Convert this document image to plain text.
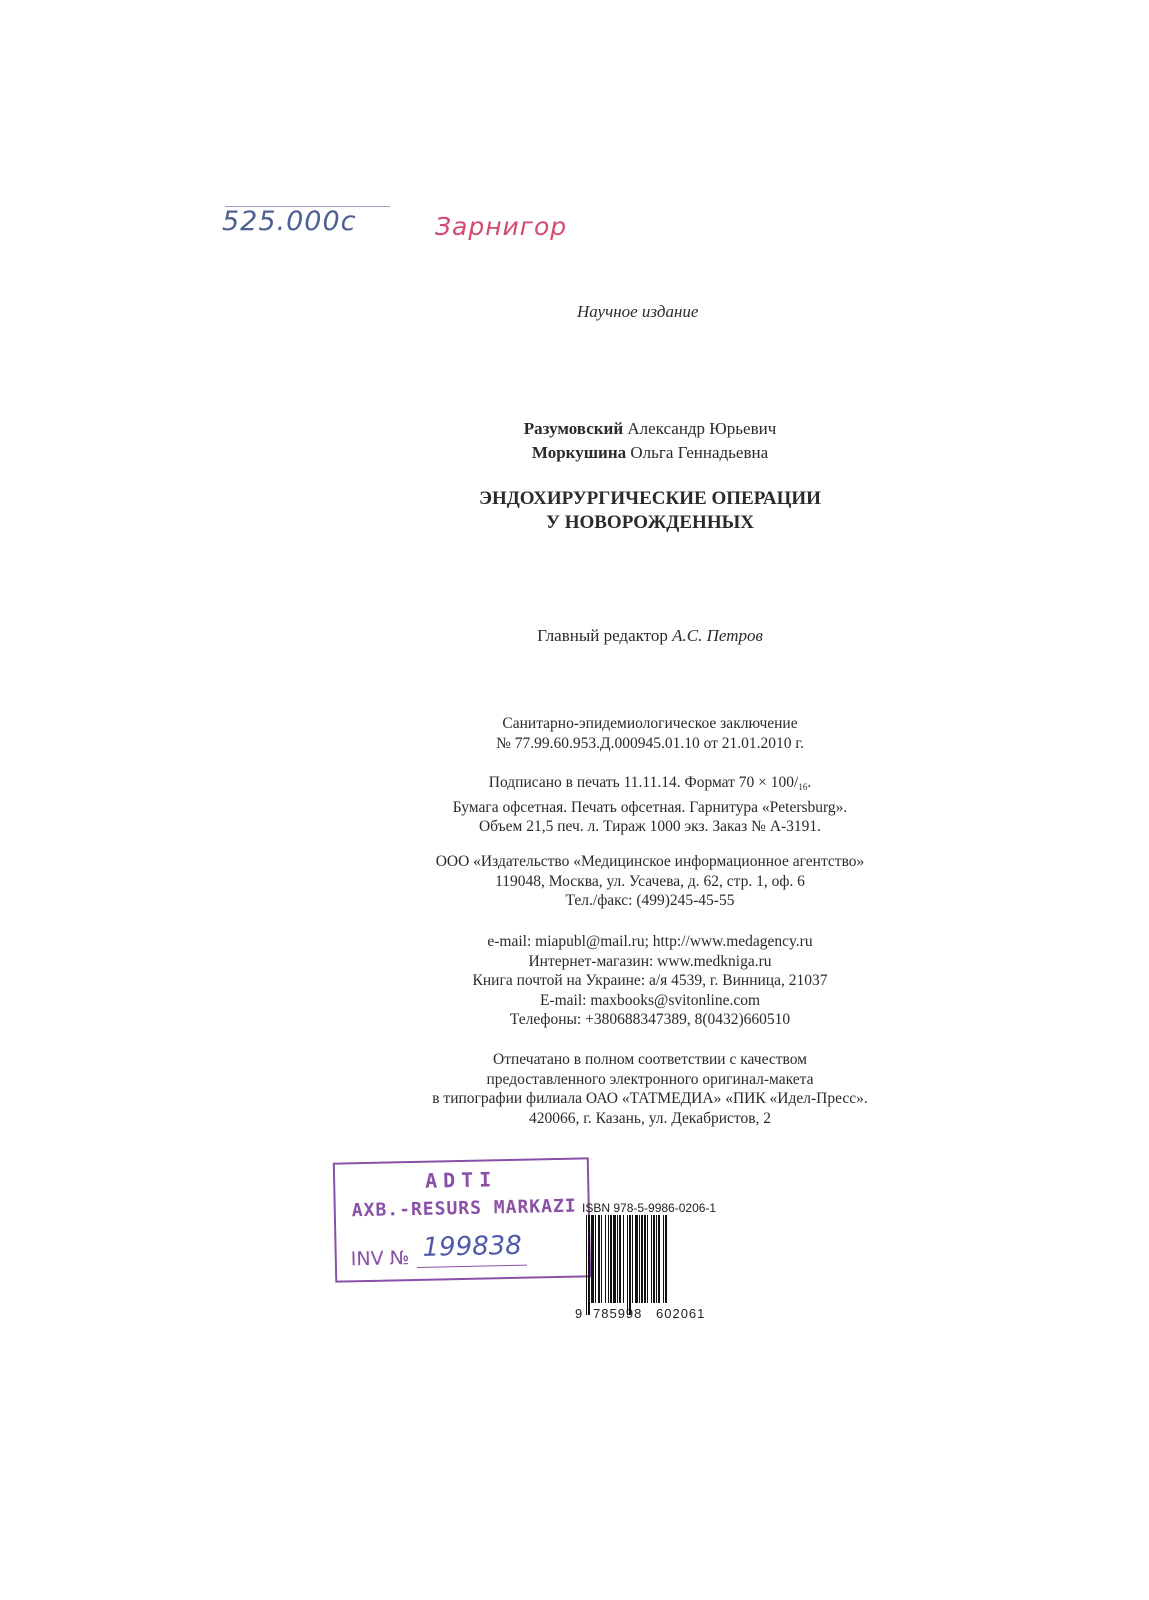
525.000с	Зарнигор
Научное издание
Разумовский Александр Юрьевич
Моркушина Ольга Геннадьевна
ЭНДОХИРУРГИЧЕСКИЕ ОПЕРАЦИИ
У НОВОРОЖДЕННЫХ
Главный редактор А.С. Петров
Санитарно-эпидемиологическое заключение
№ 77.99.60.953.Д.000945.01.10 от 21.01.2010 г.
Подписано в печать 11.11.14. Формат $70 \times 100/_{16}$.
Бумага офсетная. Печать офсетная. Гарнитура «Petersburg».
Объем 21,5 печ. л. Тираж 1000 экз. Заказ № А-3191.
ООО «Издательство «Медицинское информационное агентство»
119048, Москва, ул. Усачева, д. 62, стр. 1, оф. 6
Тел./факс: (499)245-45-55
e-mail: miapubl@mail.ru; http://www.medagency.ru
Интернет-магазин: www.medkniga.ru
Книга почтой на Украине: а/я 4539, г. Винница, 21037
E-mail: maxbooks@svitonline.com
Телефоны: +380688347389, 8(0432)660510
Отпечатано в полном соответствии с качеством
предоставленного электронного оригинал-макета
в типографии филиала ОАО «ТАТМЕДИА» «ПИК «Идел-Пресс».
420066, г. Казань, ул. Декабристов, 2
ADTI
AXB.-RESURS MARKAZI
INV № 199838
ISBN 978-5-9986-0206-1
9 785998 602061
